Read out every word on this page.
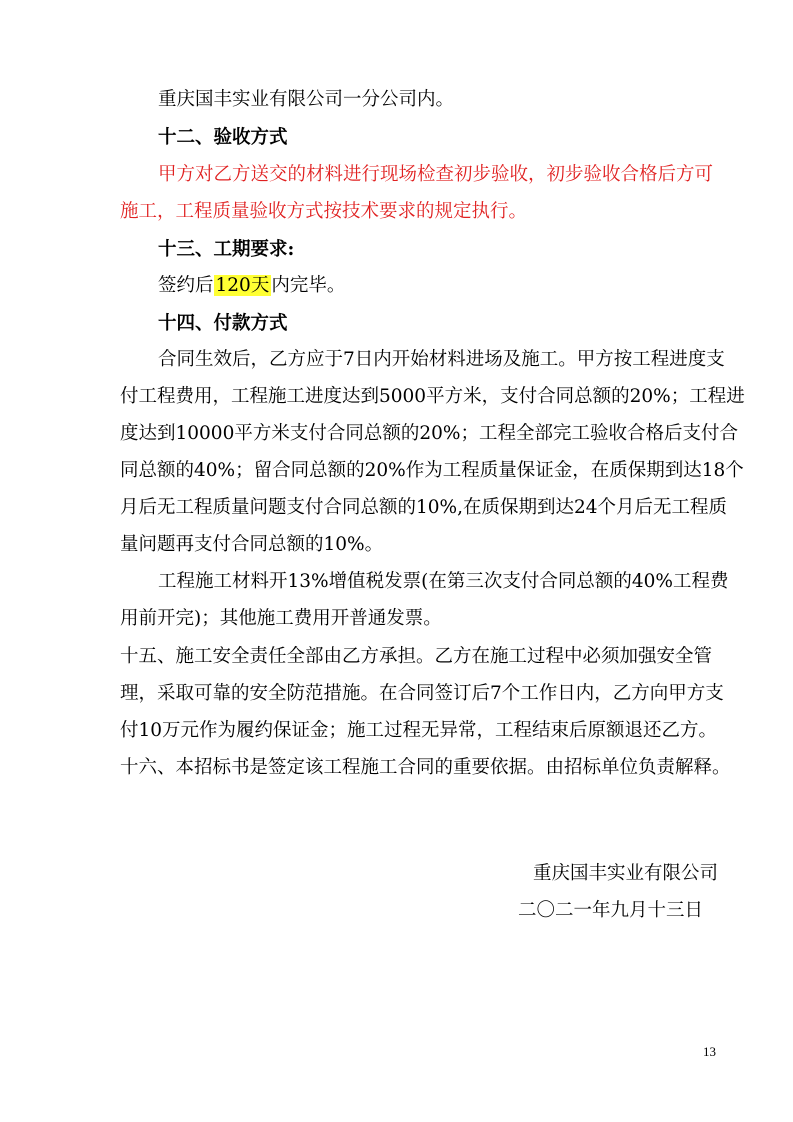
重庆国丰实业有限公司一分公司内。
十二、验收方式
甲方对乙方送交的材料进行现场检查初步验收，初步验收合格后方可
施工，工程质量验收方式按技术要求的规定执行。
十三、工期要求:
签约后 120天 内完毕。
十四、付款方式
合同生效后，乙方应于7日内开始材料进场及施工。甲方按工程进度支
付工程费用，工程施工进度达到5000平方米，支付合同总额的20%；工程进
度达到10000平方米支付合同总额的20%；工程全部完工验收合格后支付合
同总额的40%；留合同总额的20%作为工程质量保证金，在质保期到达18个
月后无工程质量问题支付合同总额的10%,在质保期到达24个月后无工程质
量问题再支付合同总额的10%。
工程施工材料开13%增值税发票(在第三次支付合同总额的40%工程费
用前开完)；其他施工费用开普通发票。
十五、施工安全责任全部由乙方承担。乙方在施工过程中必须加强安全管
理，采取可靠的安全防范措施。在合同签订后7个工作日内，乙方向甲方支
付10万元作为履约保证金；施工过程无异常，工程结束后原额退还乙方。
十六、本招标书是签定该工程施工合同的重要依据。由招标单位负责解释。
重庆国丰实业有限公司
二〇二一年九月十三日
13
